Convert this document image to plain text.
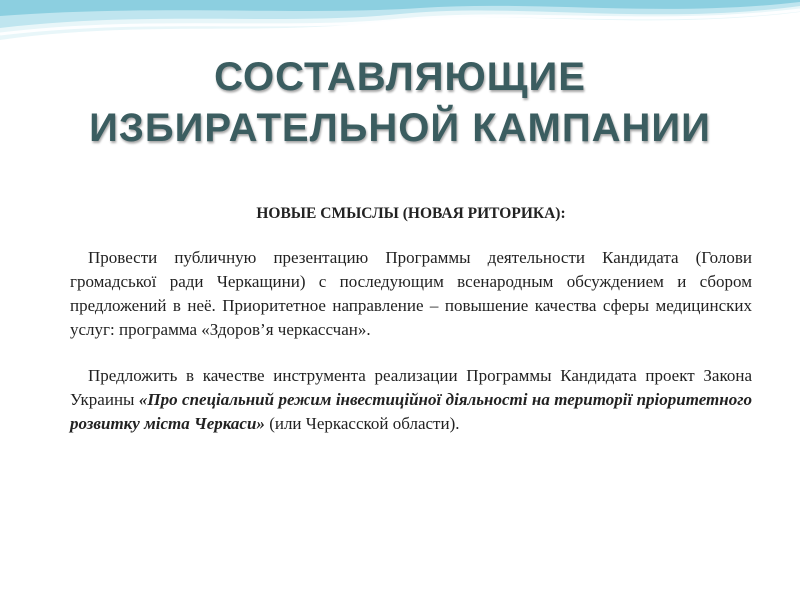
СОСТАВЛЯЮЩИЕ
ИЗБИРАТЕЛЬНОЙ КАМПАНИИ

НОВЫЕ СМЫСЛЫ (НОВАЯ РИТОРИКА):

Провести публичную презентацию Программы деятельности Кандидата (Голови громадської ради Черкащини) с последующим всенародным обсуждением и сбором предложений в неё. Приоритетное направление – повышение качества сферы медицинских услуг: программа «Здоров’я черкассчан».

Предложить в качестве инструмента реализации Программы Кандидата проект Закона Украины «Про спеціальний режим інвестиційної діяльності на території пріоритетного розвитку міста Черкаси» (или Черкасской области).
